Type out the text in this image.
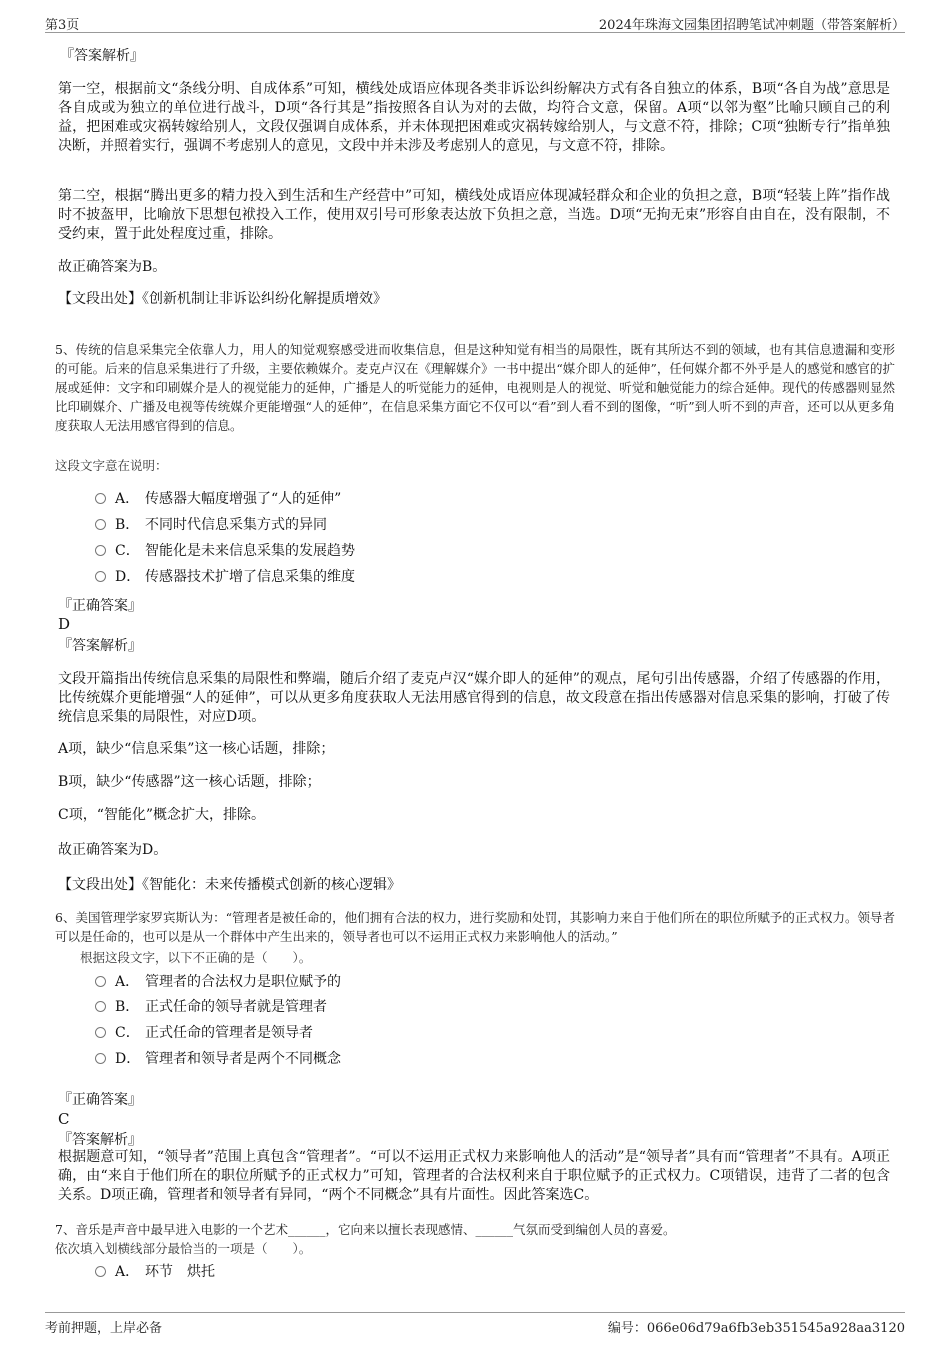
第3页	2024年珠海文园集团招聘笔试冲刺题（带答案解析）
『答案解析』

第一空，根据前文“条线分明、自成体系”可知，横线处成语应体现各类非诉讼纠纷解决方式有各自独立的体系，B项“各自为战”意思是各自成或为独立的单位进行战斗，D项“各行其是”指按照各自认为对的去做，均符合文意，保留。A项“以邻为壑”比喻只顾自己的利益，把困难或灾祸转嫁给别人，文段仅强调自成体系，并未体现把困难或灾祸转嫁给别人，与文意不符，排除；C项“独断专行”指单独决断，并照着实行，强调不考虑别人的意见，文段中并未涉及考虑别人的意见，与文意不符，排除。

第二空，根据“腾出更多的精力投入到生活和生产经营中”可知，横线处成语应体现减轻群众和企业的负担之意，B项“轻装上阵”指作战时不披盔甲，比喻放下思想包袱投入工作，使用双引号可形象表达放下负担之意，当选。D项“无拘无束”形容自由自在，没有限制，不受约束，置于此处程度过重，排除。

故正确答案为B。
【文段出处】《创新机制让非诉讼纠纷化解提质增效》

5、传统的信息采集完全依靠人力，用人的知觉观察感受进而收集信息，但是这种知觉有相当的局限性，既有其所达不到的领域，也有其信息遗漏和变形的可能。后来的信息采集进行了升级，主要依赖媒介。麦克卢汉在《理解媒介》一书中提出“媒介即人的延伸”，任何媒介都不外乎是人的感觉和感官的扩展或延伸：文字和印刷媒介是人的视觉能力的延伸，广播是人的听觉能力的延伸，电视则是人的视觉、听觉和触觉能力的综合延伸。现代的传感器则显然比印刷媒介、广播及电视等传统媒介更能增强“人的延伸”，在信息采集方面它不仅可以“看”到人看不到的图像，“听”到人听不到的声音，还可以从更多角度获取人无法用感官得到的信息。

这段文字意在说明：
A． 传感器大幅度增强了“人的延伸”
B． 不同时代信息采集方式的异同
C． 智能化是未来信息采集的发展趋势
D． 传感器技术扩增了信息采集的维度
『正确答案』
D
『答案解析』

文段开篇指出传统信息采集的局限性和弊端，随后介绍了麦克卢汉“媒介即人的延伸”的观点，尾句引出传感器，介绍了传感器的作用，比传统媒介更能增强“人的延伸”，可以从更多角度获取人无法用感官得到的信息，故文段意在指出传感器对信息采集的影响，打破了传统信息采集的局限性，对应D项。

A项，缺少“信息采集”这一核心话题，排除；
B项，缺少“传感器”这一核心话题，排除；
C项，“智能化”概念扩大，排除。
故正确答案为D。
【文段出处】《智能化：未来传播模式创新的核心逻辑》

6、美国管理学家罗宾斯认为：“管理者是被任命的，他们拥有合法的权力，进行奖励和处罚，其影响力来自于他们所在的职位所赋予的正式权力。领导者可以是任命的，也可以是从一个群体中产生出来的，领导者也可以不运用正式权力来影响他人的活动。”

根据这段文字，以下不正确的是（　　）。
A． 管理者的合法权力是职位赋予的
B． 正式任命的领导者就是管理者
C． 正式任命的管理者是领导者
D． 管理者和领导者是两个不同概念
『正确答案』
C
『答案解析』

根据题意可知，“领导者”范围上真包含“管理者”。“可以不运用正式权力来影响他人的活动”是“领导者”具有而“管理者”不具有。A项正确，由“来自于他们所在的职位所赋予的正式权力”可知，管理者的合法权利来自于职位赋予的正式权力。C项错误，违背了二者的包含关系。D项正确，管理者和领导者有异同，“两个不同概念”具有片面性。因此答案选C。

7、音乐是声音中最早进入电影的一个艺术______，它向来以擅长表现感情、______气氛而受到编创人员的喜爱。

依次填入划横线部分最恰当的一项是（　　）。
A． 环节　烘托
考前押题，上岸必备	编号：066e06d79a6fb3eb351545a928aa3120
